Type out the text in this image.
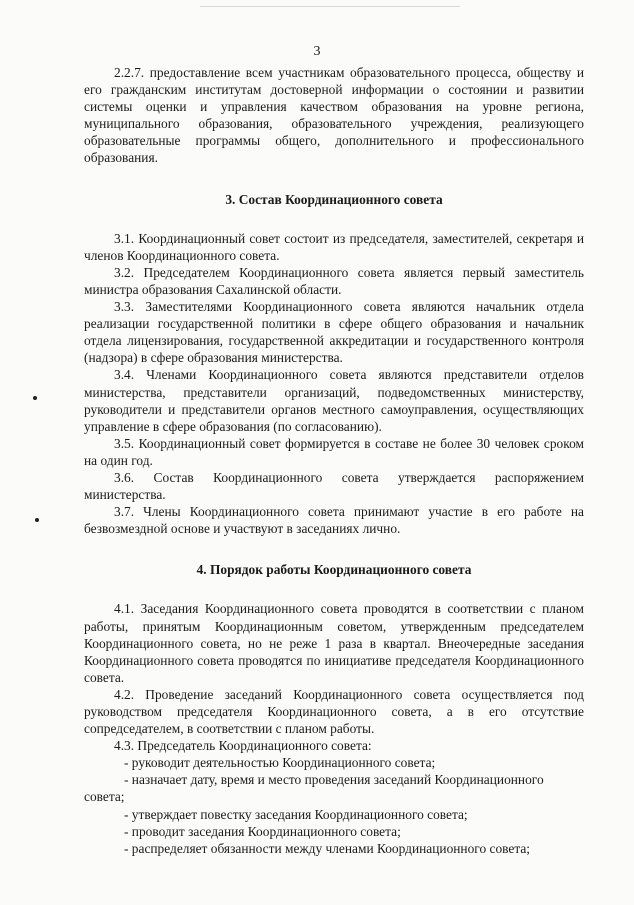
3

2.2.7. предоставление всем участникам образовательного процесса, обществу и его гражданским институтам достоверной информации о состоянии и развитии системы оценки и управления качеством образования на уровне региона, муниципального образования, образовательного учреждения, реализующего образовательные программы общего, дополнительного и профессионального образования.

3. Состав Координационного совета

3.1. Координационный совет состоит из председателя, заместителей, секретаря и членов Координационного совета.

3.2. Председателем Координационного совета является первый заместитель министра образования Сахалинской области.

3.3. Заместителями Координационного совета являются начальник отдела реализации государственной политики в сфере общего образования и начальник отдела лицензирования, государственной аккредитации и государственного контроля (надзора) в сфере образования министерства.

3.4. Членами Координационного совета являются представители отделов министерства, представители организаций, подведомственных министерству, руководители и представители органов местного самоуправления, осуществляющих управление в сфере образования (по согласованию).

3.5. Координационный совет формируется в составе не более 30 человек сроком на один год.

3.6. Состав Координационного совета утверждается распоряжением министерства.

3.7. Члены Координационного совета принимают участие в его работе на безвозмездной основе и участвуют в заседаниях лично.

4. Порядок работы Координационного совета

4.1. Заседания Координационного совета проводятся в соответствии с планом работы, принятым Координационным советом, утвержденным председателем Координационного совета, но не реже 1 раза в квартал. Внеочередные заседания Координационного совета проводятся по инициативе председателя Координационного совета.

4.2. Проведение заседаний Координационного совета осуществляется под руководством председателя Координационного совета, а в его отсутствие сопредседателем, в соответствии с планом работы.

4.3. Председатель Координационного совета:

- руководит деятельностью Координационного совета;

- назначает дату, время и место проведения заседаний Координационного

совета;

- утверждает повестку заседания Координационного совета;

- проводит заседания Координационного совета;

- распределяет обязанности между членами Координационного совета;
